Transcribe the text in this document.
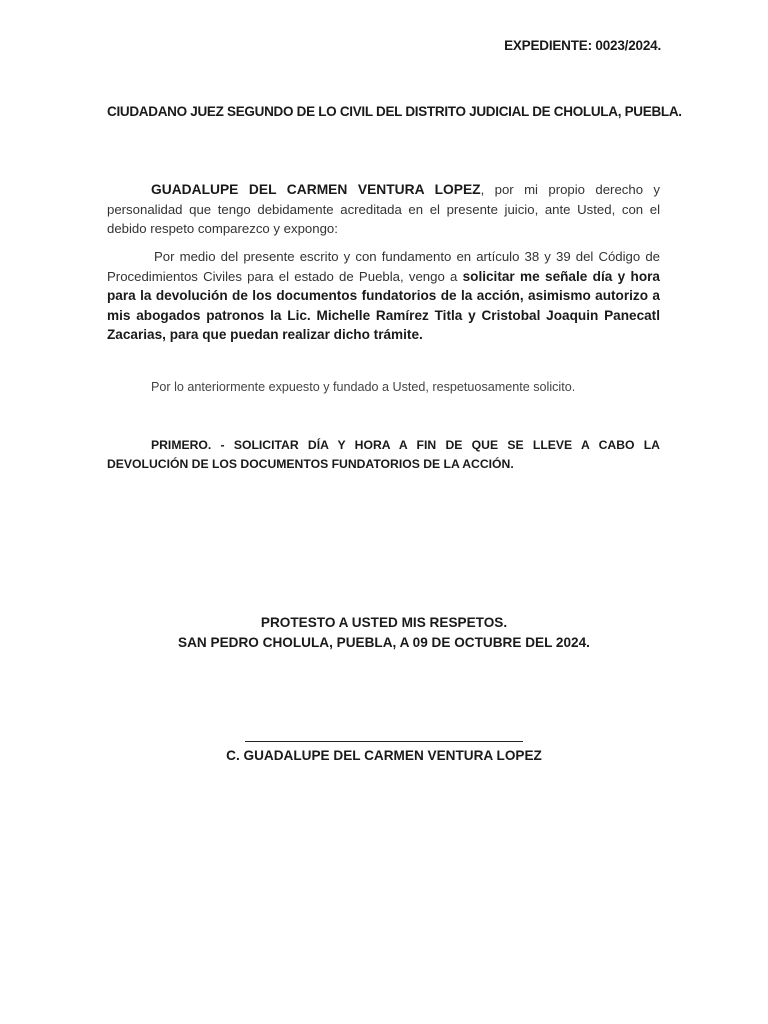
EXPEDIENTE: 0023/2024.
CIUDADANO JUEZ SEGUNDO DE LO CIVIL DEL DISTRITO JUDICIAL DE CHOLULA, PUEBLA.
GUADALUPE DEL CARMEN VENTURA LOPEZ, por mi propio derecho y personalidad que tengo debidamente acreditada en el presente juicio, ante Usted, con el debido respeto comparezco y expongo:
Por medio del presente escrito y con fundamento en artículo 38 y 39 del Código de Procedimientos Civiles para el estado de Puebla, vengo a solicitar me señale día y hora para la devolución de los documentos fundatorios de la acción, asimismo autorizo a mis abogados patronos la Lic. Michelle Ramírez Titla y Cristobal Joaquin Panecatl Zacarias, para que puedan realizar dicho trámite.
Por lo anteriormente expuesto y fundado a Usted, respetuosamente solicito.
PRIMERO. - SOLICITAR DÍA Y HORA A FIN DE QUE SE LLEVE A CABO LA DEVOLUCIÓN DE LOS DOCUMENTOS FUNDATORIOS DE LA ACCIÓN.
PROTESTO A USTED MIS RESPETOS.
SAN PEDRO CHOLULA, PUEBLA, A 09 DE OCTUBRE DEL 2024.
C. GUADALUPE DEL CARMEN VENTURA LOPEZ
